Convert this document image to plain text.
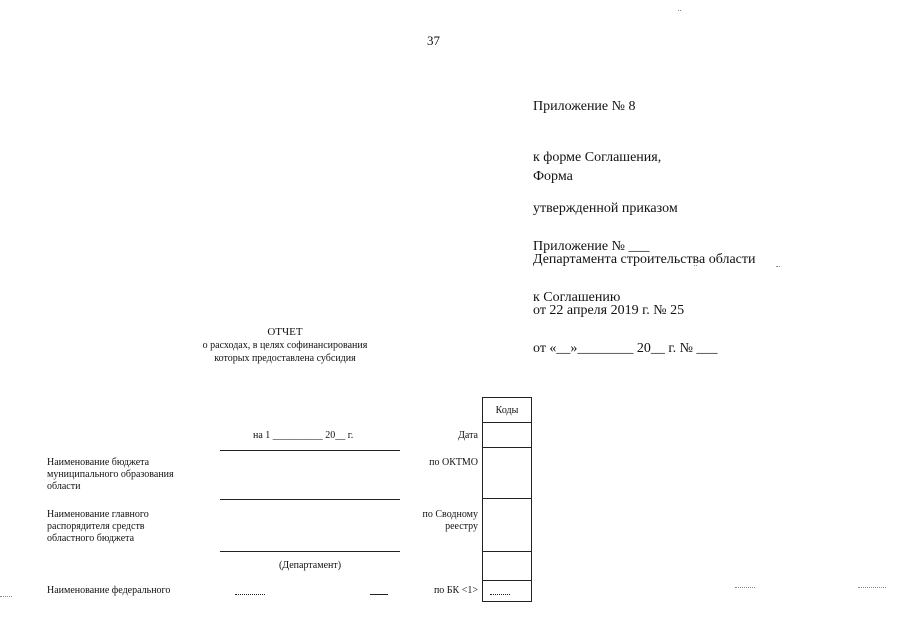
37

Приложение № 8

к форме Соглашения,

утвержденной приказом

Департамента строительства области

от 22 апреля 2019 г. № 25

Форма

Приложение № ___

к Соглашению

от «__»________ 20__ г. № ___

ОТЧЕТ
о расходах, в целях софинансирования
которых предоставлена субсидия
Коды
на 1 __________ 20__ г.	Дата
Наименование бюджета
муниципального образования
области
по ОКТМО
Наименование главного
распорядителя средств
областного бюджета
по Сводному
реестру
(Департамент)
Наименование федерального	по БК <1>
